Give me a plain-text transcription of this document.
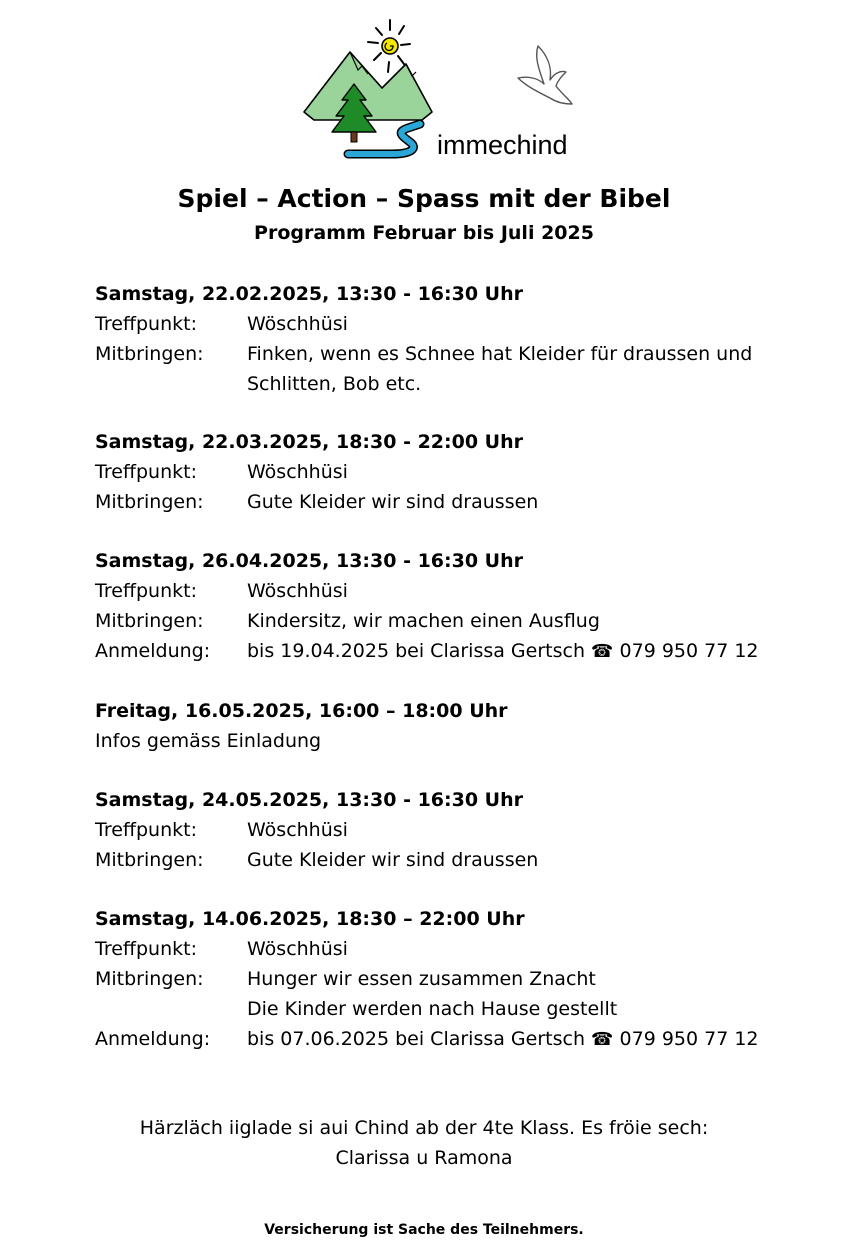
immechind
Spiel – Action – Spass mit der Bibel
Programm Februar bis Juli 2025
Samstag, 22.02.2025, 13:30 - 16:30 Uhr
Treffpunkt:	Wöschhüsi
Mitbringen:	Finken, wenn es Schnee hat Kleider für draussen und
Schlitten, Bob etc.
Samstag, 22.03.2025, 18:30 - 22:00 Uhr
Treffpunkt:	Wöschhüsi
Mitbringen:	Gute Kleider wir sind draussen
Samstag, 26.04.2025, 13:30 - 16:30 Uhr
Treffpunkt:	Wöschhüsi
Mitbringen:	Kindersitz, wir machen einen Ausflug
Anmeldung:	bis 19.04.2025 bei Clarissa Gertsch ☎ 079 950 77 12
Freitag, 16.05.2025, 16:00 – 18:00 Uhr
Infos gemäss Einladung
Samstag, 24.05.2025, 13:30 - 16:30 Uhr
Treffpunkt:	Wöschhüsi
Mitbringen:	Gute Kleider wir sind draussen
Samstag, 14.06.2025, 18:30 – 22:00 Uhr
Treffpunkt:	Wöschhüsi
Mitbringen:	Hunger wir essen zusammen Znacht
Die Kinder werden nach Hause gestellt
Anmeldung:	bis 07.06.2025 bei Clarissa Gertsch ☎ 079 950 77 12
Härzläch iiglade si aui Chind ab der 4te Klass. Es fröie sech:
Clarissa u Ramona
Versicherung ist Sache des Teilnehmers.
